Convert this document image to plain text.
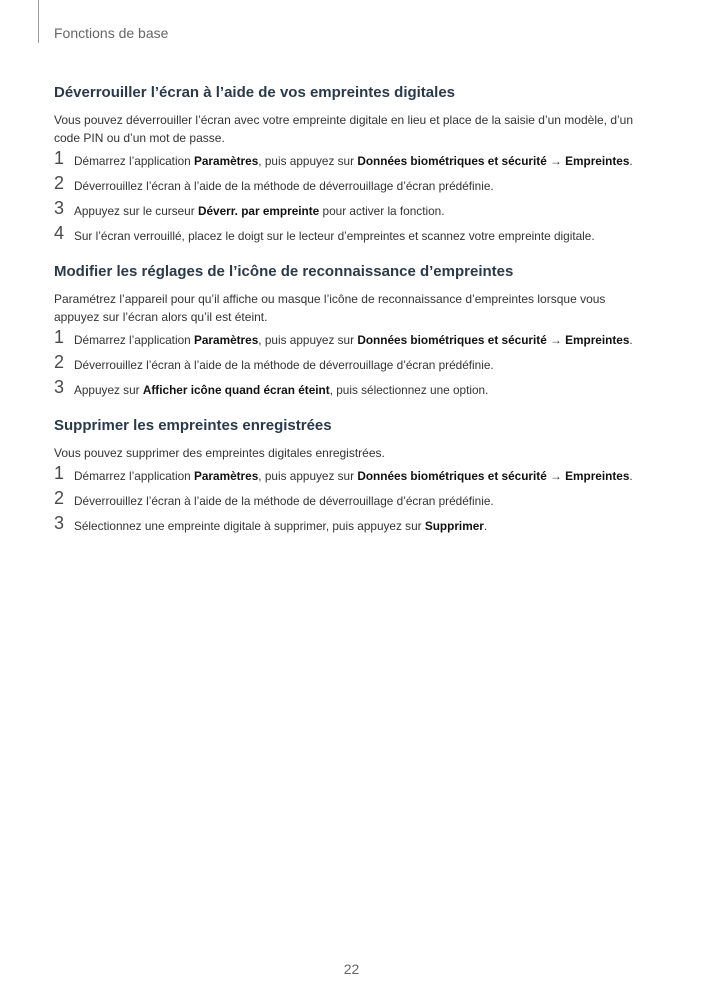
Fonctions de base
Déverrouiller l’écran à l’aide de vos empreintes digitales
Vous pouvez déverrouiller l’écran avec votre empreinte digitale en lieu et place de la saisie d’un modèle, d’un code PIN ou d’un mot de passe.
1 Démarrez l’application Paramètres, puis appuyez sur Données biométriques et sécurité → Empreintes.
2 Déverrouillez l’écran à l’aide de la méthode de déverrouillage d’écran prédéfinie.
3 Appuyez sur le curseur Déverr. par empreinte pour activer la fonction.
4 Sur l’écran verrouillé, placez le doigt sur le lecteur d’empreintes et scannez votre empreinte digitale.
Modifier les réglages de l’icône de reconnaissance d’empreintes
Paramétrez l’appareil pour qu’il affiche ou masque l’icône de reconnaissance d’empreintes lorsque vous appuyez sur l’écran alors qu’il est éteint.
1 Démarrez l’application Paramètres, puis appuyez sur Données biométriques et sécurité → Empreintes.
2 Déverrouillez l’écran à l’aide de la méthode de déverrouillage d’écran prédéfinie.
3 Appuyez sur Afficher icône quand écran éteint, puis sélectionnez une option.
Supprimer les empreintes enregistrées
Vous pouvez supprimer des empreintes digitales enregistrées.
1 Démarrez l’application Paramètres, puis appuyez sur Données biométriques et sécurité → Empreintes.
2 Déverrouillez l’écran à l’aide de la méthode de déverrouillage d’écran prédéfinie.
3 Sélectionnez une empreinte digitale à supprimer, puis appuyez sur Supprimer.
22
